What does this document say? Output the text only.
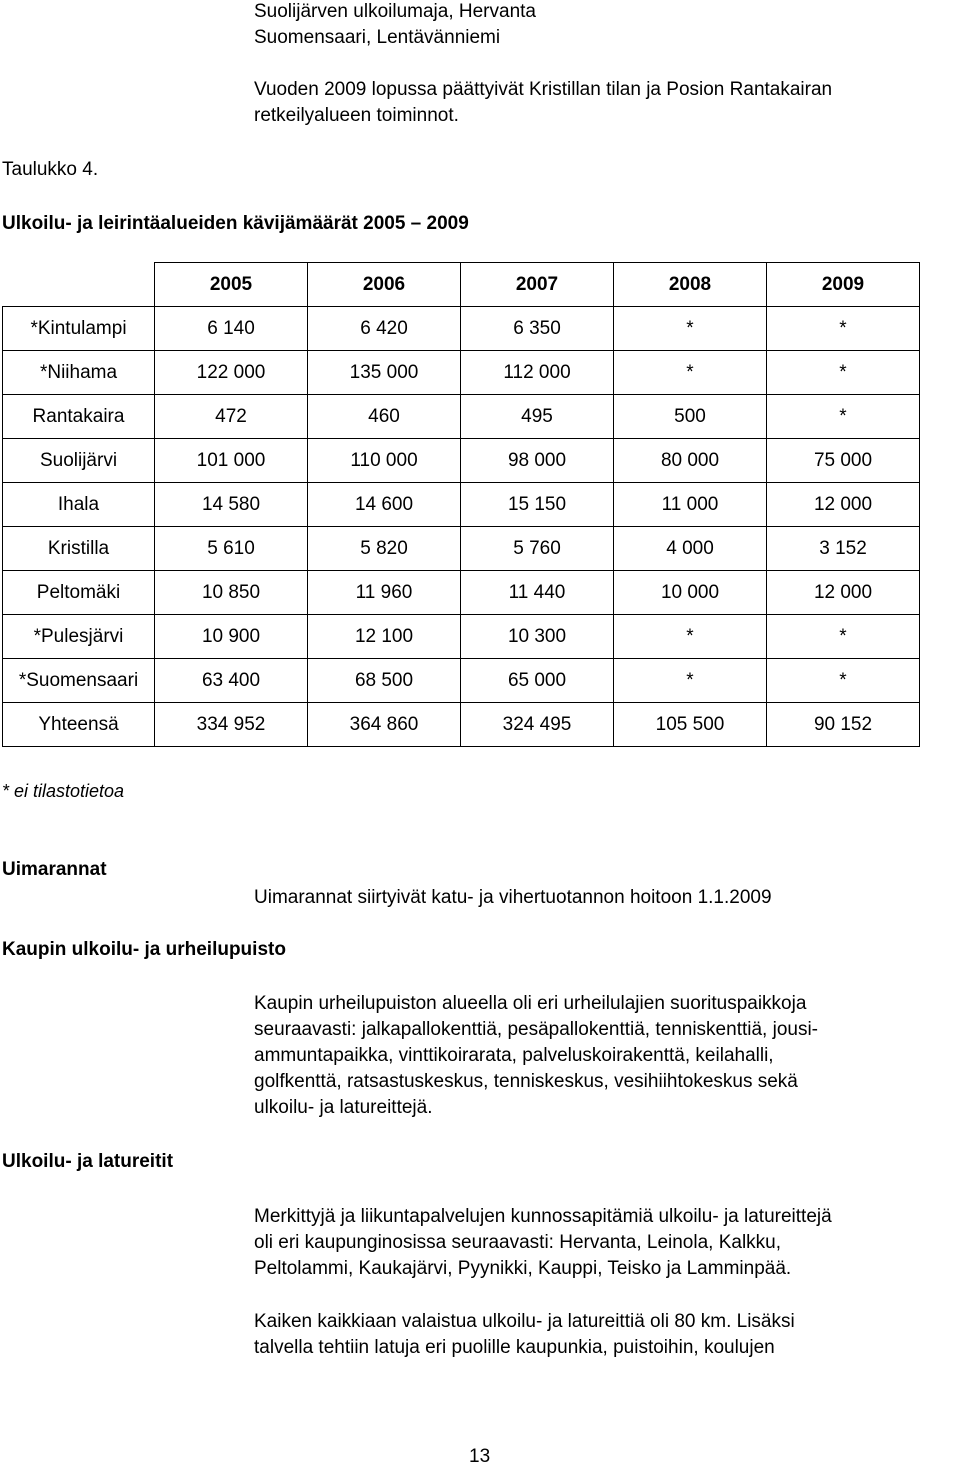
Suolijärven ulkoilumaja, Hervanta
Suomensaari, Lentävänniemi
Vuoden 2009 lopussa päättyivät Kristillan tilan ja Posion Rantakairan
retkeilyalueen toiminnot.
Taulukko 4.
Ulkoilu- ja leirintäalueiden kävijämäärät 2005 – 2009
	2005	2006	2007	2008	2009
*Kintulampi	6 140	6 420	6 350	*	*
*Niihama	122 000	135 000	112 000	*	*
Rantakaira	472	460	495	500	*
Suolijärvi	101 000	110 000	98 000	80 000	75 000
Ihala	14 580	14 600	15 150	11 000	12 000
Kristilla	5 610	5 820	5 760	4 000	3 152
Peltomäki	10 850	11 960	11 440	10 000	12 000
*Pulesjärvi	10 900	12 100	10 300	*	*
*Suomensaari	63 400	68 500	65 000	*	*
Yhteensä	334 952	364 860	324 495	105 500	90 152
* ei tilastotietoa
Uimarannat
Uimarannat siirtyivät katu- ja vihertuotannon hoitoon 1.1.2009
Kaupin ulkoilu- ja urheilupuisto
Kaupin urheilupuiston alueella oli eri urheilulajien suorituspaikkoja
seuraavasti: jalkapallokenttiä, pesäpallokenttiä, tenniskenttiä, jousi-
ammuntapaikka, vinttikoirarata, palveluskoirakenttä, keilahalli,
golfkenttä, ratsastuskeskus, tenniskeskus, vesihiihtokeskus sekä
ulkoilu- ja latureittejä.
Ulkoilu- ja latureitit
Merkittyjä ja liikuntapalvelujen kunnossapitämiä ulkoilu- ja latureittejä
oli eri kaupunginosissa seuraavasti: Hervanta, Leinola, Kalkku,
Peltolammi, Kaukajärvi, Pyynikki, Kauppi, Teisko ja Lamminpää.
Kaiken kaikkiaan valaistua ulkoilu- ja latureittiä oli 80 km. Lisäksi
talvella tehtiin latuja eri puolille kaupunkia, puistoihin, koulujen
13
